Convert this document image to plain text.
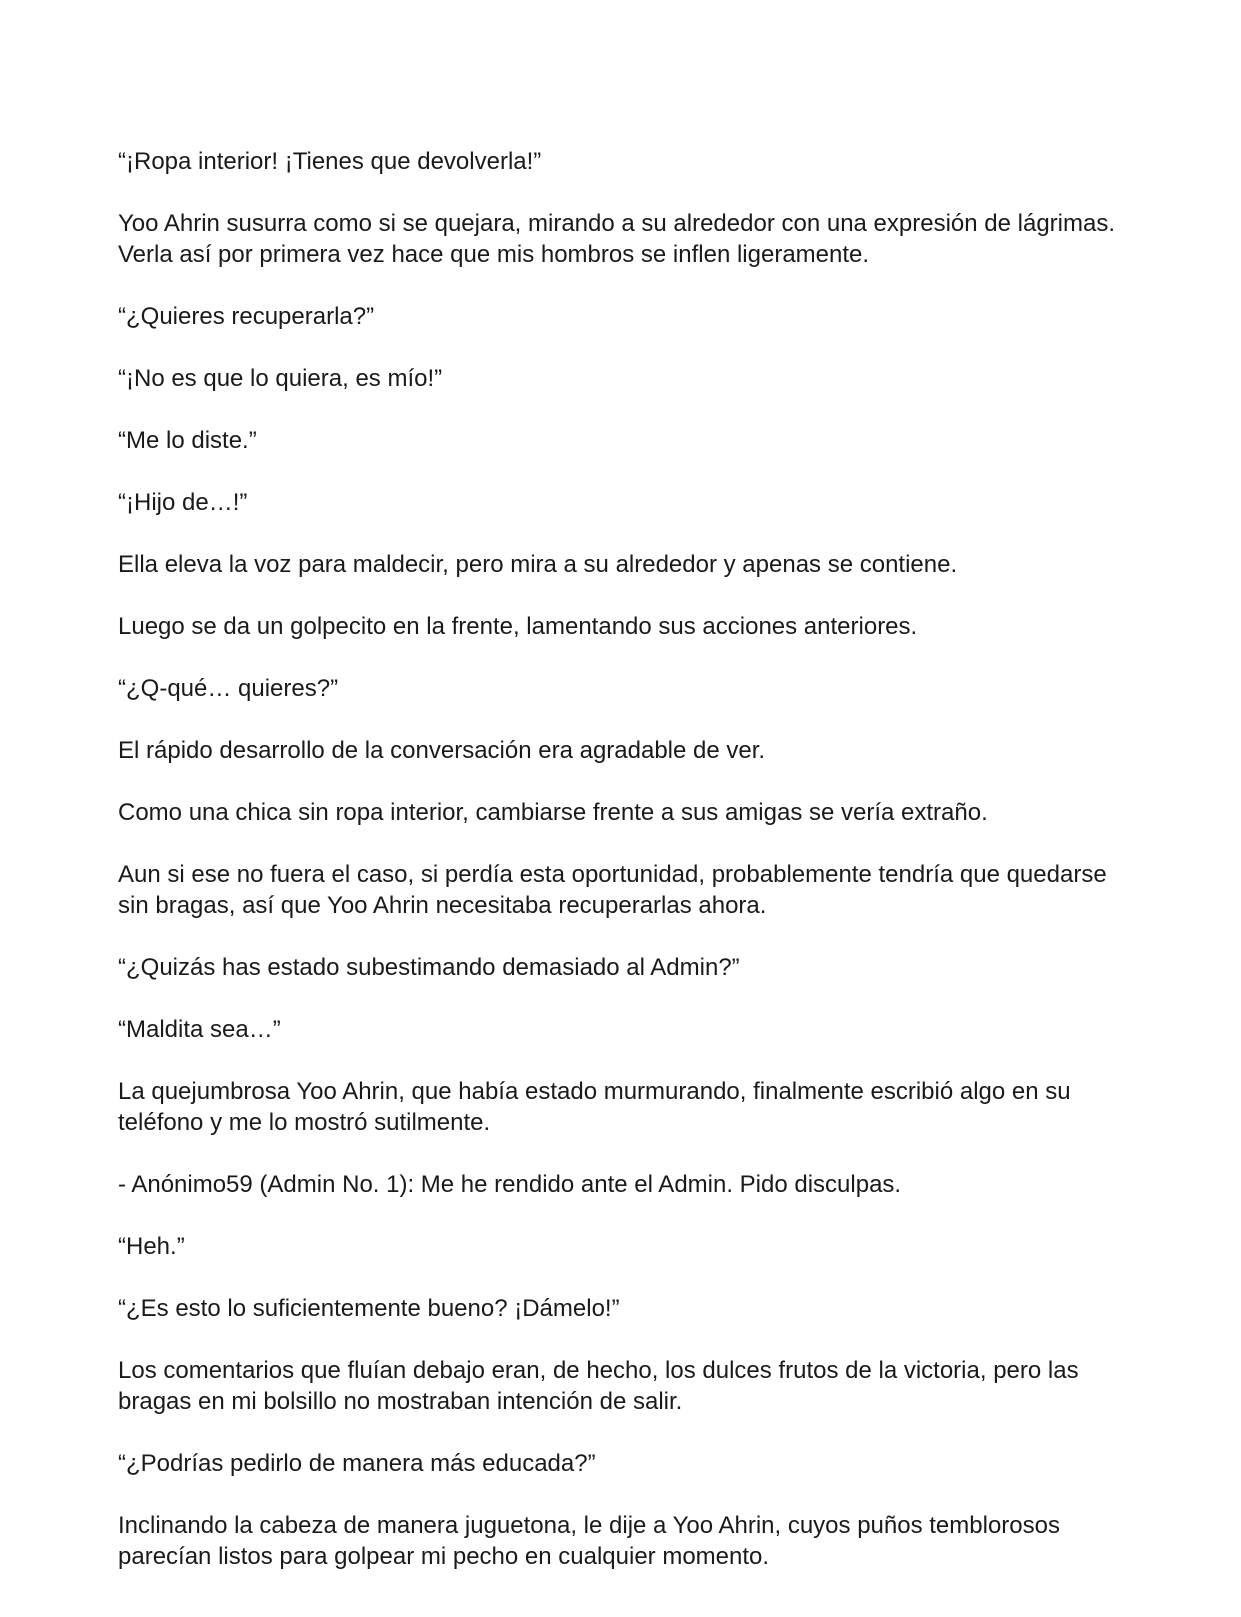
“¡Ropa interior! ¡Tienes que devolverla!”

Yoo Ahrin susurra como si se quejara, mirando a su alrededor con una expresión de lágrimas. Verla así por primera vez hace que mis hombros se inflen ligeramente.

“¿Quieres recuperarla?”

“¡No es que lo quiera, es mío!”

“Me lo diste.”

“¡Hijo de…!”

Ella eleva la voz para maldecir, pero mira a su alrededor y apenas se contiene.

Luego se da un golpecito en la frente, lamentando sus acciones anteriores.

“¿Q-qué… quieres?”

El rápido desarrollo de la conversación era agradable de ver.

Como una chica sin ropa interior, cambiarse frente a sus amigas se vería extraño.

Aun si ese no fuera el caso, si perdía esta oportunidad, probablemente tendría que quedarse sin bragas, así que Yoo Ahrin necesitaba recuperarlas ahora.

“¿Quizás has estado subestimando demasiado al Admin?”

“Maldita sea…”

La quejumbrosa Yoo Ahrin, que había estado murmurando, finalmente escribió algo en su teléfono y me lo mostró sutilmente.

- Anónimo59 (Admin No. 1): Me he rendido ante el Admin. Pido disculpas.

“Heh.”

“¿Es esto lo suficientemente bueno? ¡Dámelo!”

Los comentarios que fluían debajo eran, de hecho, los dulces frutos de la victoria, pero las bragas en mi bolsillo no mostraban intención de salir.

“¿Podrías pedirlo de manera más educada?”

Inclinando la cabeza de manera juguetona, le dije a Yoo Ahrin, cuyos puños temblorosos parecían listos para golpear mi pecho en cualquier momento.
